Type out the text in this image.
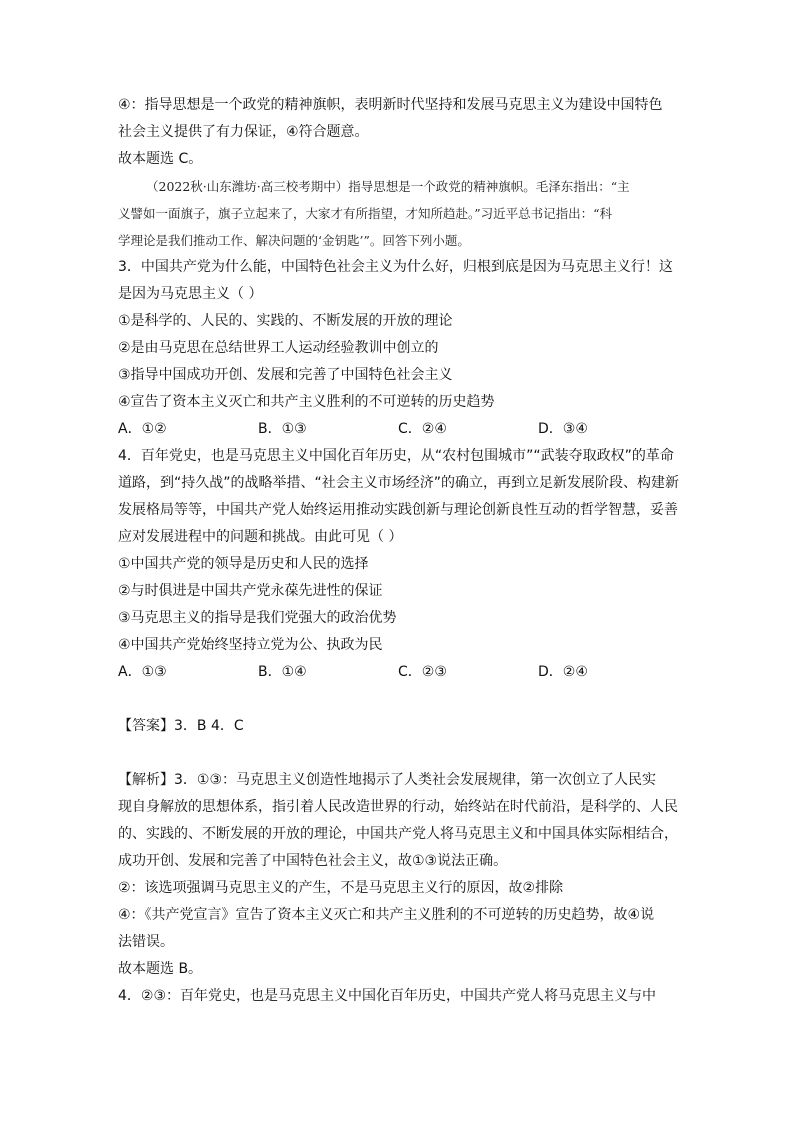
④：指导思想是一个政党的精神旗帜，表明新时代坚持和发展马克思主义为建设中国特色
社会主义提供了有力保证，④符合题意。
故本题选 C。
（2022秋·山东潍坊·高三校考期中）指导思想是一个政党的精神旗帜。毛泽东指出：“主
义譬如一面旗子，旗子立起来了，大家才有所指望，才知所趋赴。”习近平总书记指出：“科
学理论是我们推动工作、解决问题的‘金钥匙’”。回答下列小题。
3．中国共产党为什么能，中国特色社会主义为什么好，归根到底是因为马克思主义行！这
是因为马克思主义（ ）
①是科学的、人民的、实践的、不断发展的开放的理论
②是由马克思在总结世界工人运动经验教训中创立的
③指导中国成功开创、发展和完善了中国特色社会主义
④宣告了资本主义灭亡和共产主义胜利的不可逆转的历史趋势
A．①②	B．①③	C．②④	D．③④
4．百年党史，也是马克思主义中国化百年历史，从“农村包围城市”“武装夺取政权”的革命
道路，到“持久战”的战略举措、“社会主义市场经济”的确立，再到立足新发展阶段、构建新
发展格局等等，中国共产党人始终运用推动实践创新与理论创新良性互动的哲学智慧，妥善
应对发展进程中的问题和挑战。由此可见（ ）
①中国共产党的领导是历史和人民的选择
②与时俱进是中国共产党永葆先进性的保证
③马克思主义的指导是我们党强大的政治优势
④中国共产党始终坚持立党为公、执政为民
A．①③	B．①④	C．②③	D．②④
【答案】3．B 4．C
【解析】3．①③：马克思主义创造性地揭示了人类社会发展规律，第一次创立了人民实
现自身解放的思想体系，指引着人民改造世界的行动，始终站在时代前沿，是科学的、人民
的、实践的、不断发展的开放的理论，中国共产党人将马克思主义和中国具体实际相结合，
成功开创、发展和完善了中国特色社会主义，故①③说法正确。
②：该选项强调马克思主义的产生，不是马克思主义行的原因，故②排除
④：《共产党宣言》宣告了资本主义灭亡和共产主义胜利的不可逆转的历史趋势，故④说
法错误。
故本题选 B。
4．②③：百年党史，也是马克思主义中国化百年历史，中国共产党人将马克思主义与中
